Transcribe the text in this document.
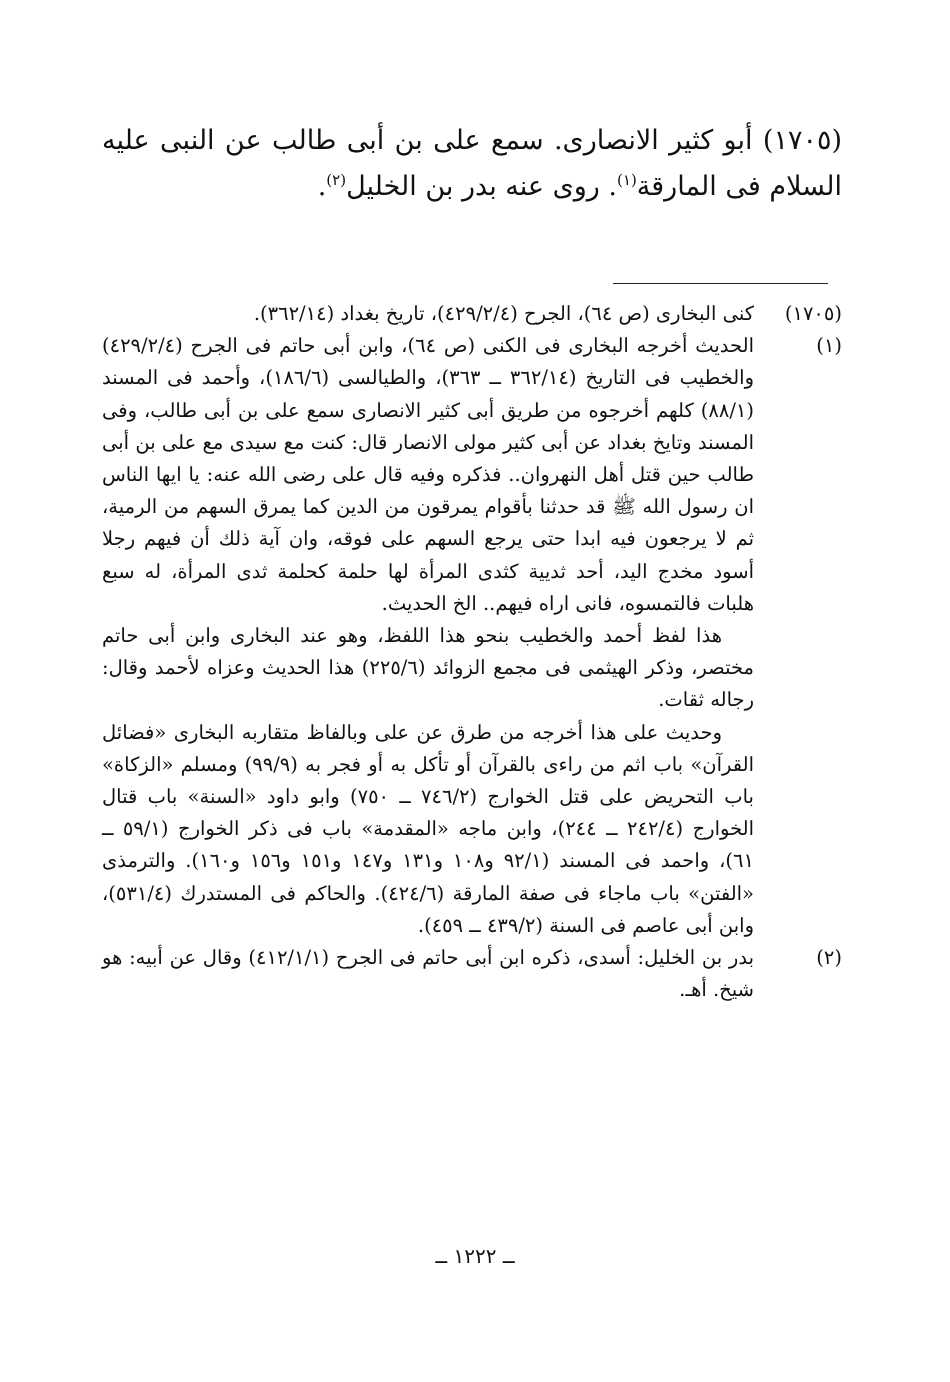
(١٧٠٥) أبو كثير الانصارى. سمع على بن أبى طالب عن النبى عليه السلام فى المارقة$^{(١)}$. روى عنه بدر بن الخليل$^{(٢)}$.
(١٧٠٥)

كنى البخارى (ص ٦٤)، الجرح (٤٢٩/٢/٤)، تاريخ بغداد (٣٦٢/١٤).

(١)

الحديث أخرجه البخارى فى الكنى (ص ٦٤)، وابن أبى حاتم فى الجرح (٤٢٩/٢/٤) والخطيب فى التاريخ (٣٦٢/١٤ ــ ٣٦٣)، والطيالسى (١٨٦/٦)، وأحمد فى المسند (٨٨/١) كلهم أخرجوه من طريق أبى كثير الانصارى سمع على بن أبى طالب، وفى المسند وتايخ بغداد عن أبى كثير مولى الانصار قال: كنت مع سيدى مع على بن أبى طالب حين قتل أهل النهروان.. فذكره وفيه قال على رضى الله عنه: يا ايها الناس ان رسول الله ﷺ قد حدثنا بأقوام يمرقون من الدين كما يمرق السهم من الرمية، ثم لا يرجعون فيه ابدا حتى يرجع السهم على فوقه، وان آية ذلك أن فيهم رجلا أسود مخدج اليد، أحد ثديية كثدى المرأة لها حلمة كحلمة ثدى المرأة، له سبع هلبات فالتمسوه، فانى اراه فيهم.. الخ الحديث.

هذا لفظ أحمد والخطيب بنحو هذا اللفظ، وهو عند البخارى وابن أبى حاتم مختصر، وذكر الهيثمى فى مجمع الزوائد (٢٢٥/٦) هذا الحديث وعزاه لأحمد وقال: رجاله ثقات.

وحديث على هذا أخرجه من طرق عن على وبالفاظ متقاربه البخارى «فضائل القرآن» باب اثم من راءى بالقرآن أو تأكل به أو فجر به (٩٩/٩) ومسلم «الزكاة» باب التحريض على قتل الخوارج (٧٤٦/٢ ــ ٧٥٠) وابو داود «السنة» باب قتال الخوارج (٢٤٢/٤ ــ ٢٤٤)، وابن ماجه «المقدمة» باب فى ذكر الخوارج (٥٩/١ ــ ٦١)، واحمد فى المسند (٩٢/١ و١٠٨ و١٣١ و١٤٧ و١٥١ و١٥٦ و١٦٠). والترمذى «الفتن» باب ماجاء فى صفة المارقة (٤٢٤/٦). والحاكم فى المستدرك (٥٣١/٤)، وابن أبى عاصم فى السنة (٤٣٩/٢ ــ ٤٥٩).

(٢)

بدر بن الخليل: أسدى، ذكره ابن أبى حاتم فى الجرح (٤١٢/١/١) وقال عن أبيه: هو شيخ. أهـ.

ــ ١٢٢٢ ــ
